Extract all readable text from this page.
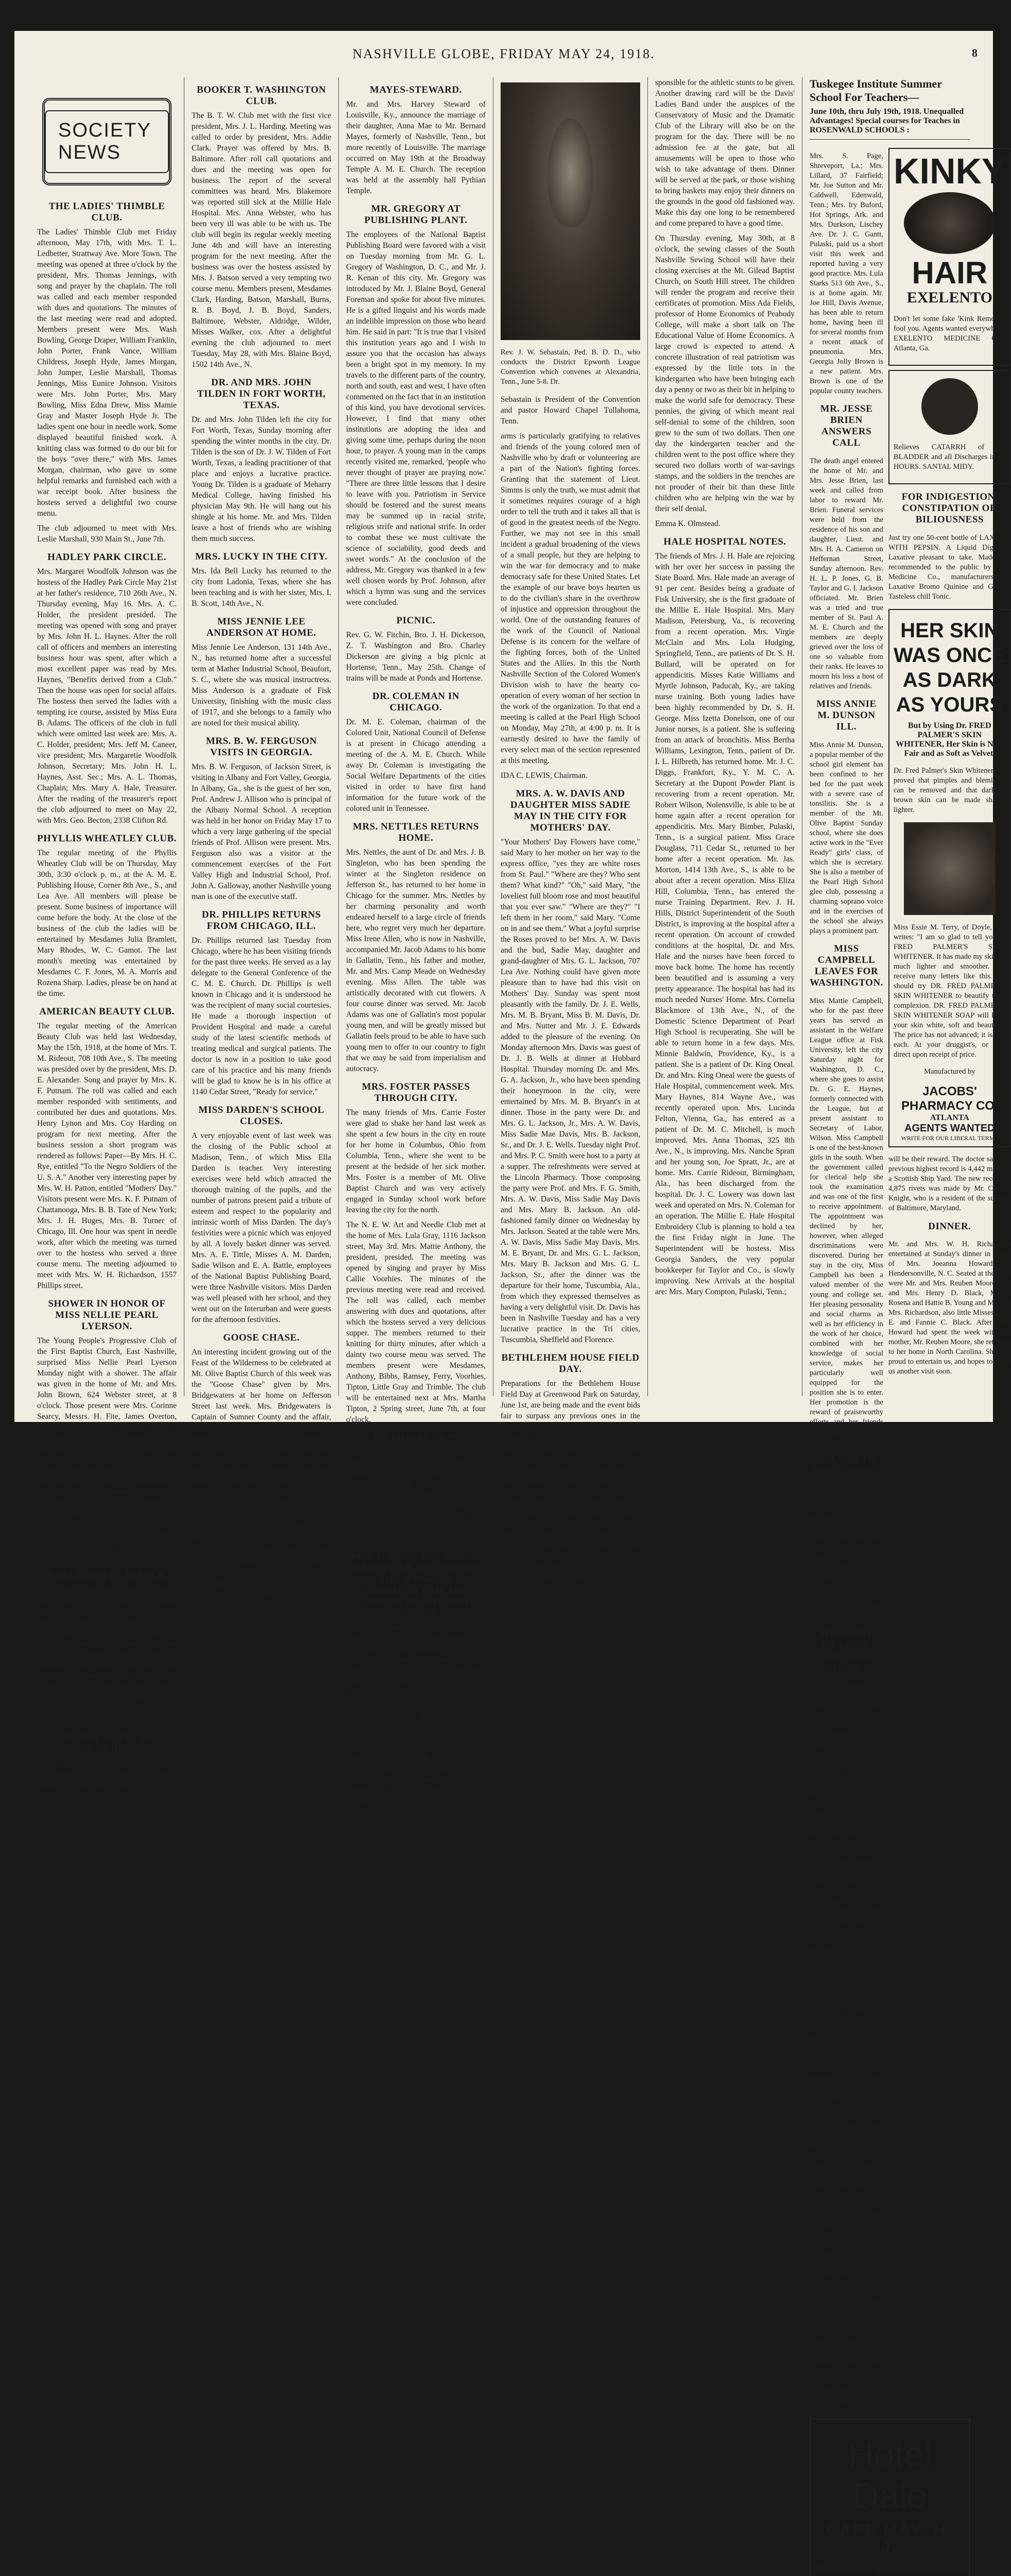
NASHVILLE GLOBE, FRIDAY MAY 24, 1918.	8
SOCIETY NEWS
THE LADIES' THIMBLE CLUB.

The Ladies' Thimble Club met Friday afternoon, May 17th, with Mrs. T. L. Ledbetter, Strattway Ave. More Town. The meeting was opened at three o'clock by the president, Mrs. Thomas Jennings, with song and prayer by the chaplain. The roll was called and each member responded with dues and quotations. The minutes of the last meeting were read and adopted. Members present were Mrs. Wash Bowling, George Draper, William Franklin, John Porter, Frank Vance, William Childress, Joseph Hyde, James Morgan, John Jumper, Leslie Marshall, Thomas Jennings, Miss Eunice Johnson. Visitors were Mrs. John Porter, Mrs. Mary Bowling, Miss Edna Drew, Miss Mamie Gray and Master Joseph Hyde Jr. The ladies spent one hour in needle work. Some displayed beautiful finished work. A knitting class was formed to do our bit for the boys "over there," with Mrs. James Morgan, chairman, who gave us some helpful remarks and furnished each with a war receipt book. After business the hostess served a delightful two course menu.

The club adjourned to meet with Mrs. Leslie Marshall, 930 Main St., June 7th.

HADLEY PARK CIRCLE.

Mrs. Margaret Woodfolk Johnson was the hostess of the Hadley Park Circle May 21st at her father's residence, 710 26th Ave., N. Thursday evening, May 16. Mrs. A. C. Holder, the president presided. The meeting was opened with song and prayer by Mrs. John H. L. Haynes. After the roll call of officers and members an interesting business hour was spent, after which a most excellent paper was read by Mrs. Haynes, "Benefits derived from a Club." Then the house was open for social affairs. The hostess then served the ladies with a tempting ice course, assisted by Miss Eura B. Adams. The officers of the club in full which were omitted last week are: Mrs. A. C. Holder, president; Mrs. Jeff M. Caneer, vice president; Mrs. Margaretie Woodfolk Johnson, Secretary; Mrs. John H. L. Haynes, Asst. Sec.; Mrs. A. L. Thomas, Chaplain; Mrs. Mary A. Hale, Treasurer. After the reading of the treasurer's report the club adjourned to meet on May 22, with Mrs. Geo. Becton, 2338 Clifton Rd.

PHYLLIS WHEATLEY CLUB.

The regular meeting of the Phyllis Wheatley Club will be on Thursday, May 30th, 3:30 o'clock p. m., at the A. M. E. Publishing House, Corner 8th Ave., S., and Lea Ave. All members will please be present. Some business of importance will come before the body. At the close of the business of the club the ladies will be entertained by Mesdames Julia Bramlett, Mary Rhodes, W. C. Gamot. The last month's meeting was entertained by Mesdames C. F. Jones, M. A. Morris and Rozena Sharp. Ladies, please be on hand at the time.

AMERICAN BEAUTY CLUB.

The regular meeting of the American Beauty Club was held last Wednesday, May the 15th, 1918, at the home of Mrs. T. M. Rideout, 708 10th Ave., S. The meeting was presided over by the president, Mrs. D. E. Alexander. Song and prayer by Mrs. K. F. Putnam. The roll was called and each member responded with sentiments, and contributed her dues and quotations. Mrs. Henry Lynon and Mrs. Coy Harding on program for next meeting. After the business session a short program was rendered as follows: Paper—By Mrs. H. C. Rye, entitled "To the Negro Soldiers of the U. S. A." Another very interesting paper by Mrs. W. H. Patton, entitled "Mothers' Day." Visitors present were Mrs. K. F. Putnam of Chattanooga, Mrs. B. B. Tate of New York; Mrs. J. H. Huges, Mrs. B. Turner of Chicago, Ill. One hour was spent in needle work, after which the meeting was turned over to the hostess who served a three course menu. The meeting adjourned to meet with Mrs. W. H. Richardson, 1557 Phillips street.

SHOWER IN HONOR OF MISS NELLIE PEARL LYERSON.

The Young People's Progressive Club of the First Baptist Church, East Nashville, surprised Miss Nellie Pearl Lyerson Monday night with a shower. The affair was given in the home of Mr. and Mrs. John Brown, 624 Webster street, at 8 o'clock. Those present were Mrs. Corinne Searcy, Messrs. H. Fite, James Overton, Nathaniel Blake, John Burrough, Prof. E. L. Elnser, Dr. I. C. Wilkerson and the president, Miss S. G. Lyerson. They left the home of Mrs. Brown and entered Miss Lyerson's prepared the following program: Reading—Dr. Wilkerson. Instrumental Solo—Mrs. Robert Johnson. Reading—Mrs. Mary Lyerson Ewing of Indianapolis. Vocal Solo—Miss S. G. Lyerson. Presentation from the Club—Mrs. Corinne Searcy. This was quite a surprise for Miss Lyerson. She is to leave Thursday night for Detroit.

A DELIGHTFUL DINNER.

A delightful dinner was served Monday at the residence of Mr. and Mrs. Samuel Jones, 1907 Cartwright Street, in honor of Rev. G. I. Jackson of Dallas, Texas. The dining room was artistically decorated with roses and carnations. During the dinner music was rendered on the Victrola. The following were seated at the table. The honored guest, Rev. Jackson, Mr. and Mrs. William Jones and Mr. and Mrs. Samuel Jones, Rev. Jackson left for Dallas, Texas, Monday night accompanied by Mr. Samuel Jones.

BISHOP SCOTT IN FLORIDA.

Bishop I. B. Scott has gone to Tallahassee, Fla., where he preaches the baccalaureate sermon Sunday, May 26th, for the State College of Florida.

BOOKER T. WASHINGTON CLUB.

The B. T. W. Club met with the first vice president, Mrs. J. L. Harding. Meeting was called to order by president, Mrs. Addie Clark. Prayer was offered by Mrs. B. Baltimore. After roll call quotations and dues and the meeting was open for business. The report of the several committees was heard. Mrs. Blakemore was reported still sick at the Millie Hale Hospital. Mrs. Anna Webster, who has been very ill was able to be with us. The club will begin its regular weekly meeting June 4th and will have an interesting program for the next meeting. After the business was over the hostess assisted by Mrs. J. Batson served a very tempting two course menu. Members present, Mesdames Clark, Harding, Batson, Marshall, Burns, R. B. Boyd, J. B. Boyd, Sanders, Baltimore, Webster, Aldridge, Wilder, Misses Walker, cox. After a delightful evening the club adjourned to meet Tuesday, May 28, with Mrs. Blaine Boyd, 1502 14th Ave., N.

DR. AND MRS. JOHN TILDEN IN FORT WORTH, TEXAS.

Dr. and Mrs. John Tilden left the city for Fort Worth, Texas, Sunday morning after spending the winter months in the city. Dr. Tilden is the son of Dr. J. W. Tilden of Fort Worth, Texas, a leading practitioner of that place and enjoys a lucrative practice. Young Dr. Tilden is a graduate of Meharry Medical College, having finished his physician May 9th. He will hang out his shingle at his home. Mr. and Mrs. Tilden leave a host of friends who are wishing them much success.

MRS. LUCKY IN THE CITY.

Mrs. Ida Bell Lucky has returned to the city from Ladonia, Texas, where she has been teaching and is with her sister, Mrs. I. B. Scott, 14th Ave., N.

MISS JENNIE LEE ANDERSON AT HOME.

Miss Jennie Lee Anderson, 131 14th Ave., N., has returned home after a successful term at Mather Industrial School, Beaufort, S. C., where she was musical instructress. Miss Anderson is a graduate of Fisk University, finishing with the music class of 1917, and she belongs to a family who are noted for their musical ability.

MRS. B. W. FERGUSON VISITS IN GEORGIA.

Mrs. B. W. Ferguson, of Jackson Street, is visiting in Albany and Fort Valley, Georgia. In Albany, Ga., she is the guest of her son, Prof. Andrew J. Allison who is principal of the Albany Normal School. A reception was held in her honor on Friday May 17 to which a very large gathering of the special friends of Prof. Allison were present. Mrs. Ferguson also was a visitor at the commencement exercises of the Fort Valley High and Industrial School, Prof. John A. Galloway, another Nashville young man is one of the executive staff.

DR. PHILLIPS RETURNS FROM CHICAGO, ILL.

Dr. Phillips returned last Tuesday from Chicago, where he has been visiting friends for the past three weeks. He served as a lay delegate to the General Conference of the C. M. E. Church. Dr. Phillips is well known in Chicago and it is understood he was the recipient of many social courtesies. He made a thorough inspection of Provident Hospital and made a careful study of the latest scientific methods of treating medical and surgical patients. The doctor is now in a position to take good care of his practice and his many friends will be glad to know he is in his office at 1140 Cedar Street, "Ready for service."

MISS DARDEN'S SCHOOL CLOSES.

A very enjoyable event of last week was the closing of the Public school at Madison, Tenn., of which Miss Ella Darden is teacher. Very interesting exercises were held which attracted the thorough training of the pupils, and the number of patrons present paid a tribute of esteem and respect to the popularity and intrinsic worth of Miss Darden. The day's festivities were a picnic which was enjoyed by all. A lovely basket dinner was served. Mrs. A. E. Tittle, Misses A. M. Darden, Sadie Wilson and E. A. Battle, employees of the National Baptist Publishing Board, were three Nashville visitors. Miss Darden was well pleased with her school, and they went out on the Interurban and were guests for the afternoon festivities.

GOOSE CHASE.

An interesting incident growing out of the Feast of the Wilderness to be celebrated at Mt. Olive Baptist Church of this week was the "Goose Chase" given by Mrs. Bridgewaters at her home on Jefferson Street last week. Mrs. Bridgewaters is Captain of Sumner County and the affair, which was a financial success was for the benefit of that club. The principal event of the evening was "The Goose Chase" and consisted of a hunt for the goose, which Mrs. Bridgewaters had prepared and when found was a baked turkey. Mr. Felix Lytton found the goose. A handsome box of home-made candy was won by Miss N. E. King and an elaborately decorated cake was won by Mrs. L. King. Delicious sandwiches, fruit and punch were served.

AGENTS—THE COLORED MAN IS NO SLACKER. A beautiful patriotic picture in colors—a picture of every member of the race. Agents are selling thousands. Sample 25c. Agents write for terms.

MAYES-STEWARD.

Mr. and Mrs. Harvey Steward of Louisville, Ky., announce the marriage of their daughter, Anna Mae to Mr. Bernard Mayes, formerly of Nashville, Tenn., but more recently of Louisville. The marriage occurred on May 19th at the Broadway Temple A. M. E. Church. The reception was held at the assembly hall Pythian Temple.

MR. GREGORY AT PUBLISHING PLANT.

The employees of the National Baptist Publishing Board were favored with a visit on Tuesday morning from Mr. G. L. Gregory of Washington, D. C., and Mr. J. R. Kenan of this city. Mr. Gregory was introduced by Mr. J. Blaine Boyd, General Foreman and spoke for about five minutes. He is a gifted linguist and his words made an indelible impression on those who heard him. He said in part: "It is true that I visited this institution years ago and I wish to assure you that the occasion has always been a bright spot in my memory. In my travels to the different parts of the country, north and south, east and west, I have often commented on the fact that in an institution of this kind, you have devotional services. However, I find that many other institutions are adopting the idea and giving some time, perhaps during the noon hour, to prayer. A young man in the camps recently visited me, remarked, 'people who never thought of prayer are praying now.' "There are three little lessons that I desire to leave with you. Patriotism in Service should be fostered and the surest means may be summed up in racial strife, religious strife and national strife. In order to combat these we must cultivate the science of sociability, good deeds and sweet words." At the conclusion of the address, Mr. Gregory was thanked in a few well chosen words by Prof. Johnson, after which a hymn was sung and the services were concluded.

PICNIC.

Rev. G. W. Fitchin, Bro. J. H. Dickerson, Z. T. Washington and Bro. Charley Dickerson are giving a big picnic at Hortense, Tenn., May 25th. Change of trains will be made at Ponds and Hortense.

DR. COLEMAN IN CHICAGO.

Dr. M. E. Coleman, chairman of the Colored Unit, National Council of Defense is at present in Chicago attending a meeting of the A. M. E. Church. While away Dr. Coleman is investigating the Social Welfare Departments of the cities visited in order to have first hand information for the future work of the colored unit in Tennessee.

MRS. NETTLES RETURNS HOME.

Mrs. Nettles, the aunt of Dr. and Mrs. J. B. Singleton, who has been spending the winter at the Singleton residence on Jefferson St., has returned to her home in Chicago for the summer. Mrs. Nettles by her charming personality and worth endeared herself to a large circle of friends here, who regret very much her departure. Miss Irene Allen, who is now in Nashville, accompanied Mr. Jacob Adams to his home in Gallatin, Tenn., his father and mother, Mr. and Mrs. Camp Meade on Wednesday evening. Miss Allen. The table was artistically decorated with cut flowers. A four course dinner was served. Mr. Jacob Adams was one of Gallatin's most popular young men, and will be greatly missed but Gallatin feels proud to be able to have such young men to offer to our country to fight that we may be said from imperialism and autocracy.

MRS. FOSTER PASSES THROUGH CITY.

The many friends of Mrs. Carrie Foster were glad to shake her hand last week as she spent a few hours in the city en route for her home in Columbus, Ohio from Columbia, Tenn., where she went to be present at the bedside of her sick mother. Mrs. Foster is a member of Mt. Olive Baptist Church and was very actively engaged in Sunday school work before leaving the city for the north.

The N. E. W. Art and Needle Club met at the home of Mrs. Lula Gray, 1116 Jackson street, May 3rd. Mrs. Mattie Anthony, the president, presided. The meeting was opened by singing and prayer by Miss Callie Voorhies. The minutes of the previous meeting were read and received. The roll was called, each member answering with dues and quotations, after which the hostess served a very delicious supper. The members returned to their knitting for thirty minutes, after which a dainty two course menu was served. The members present were Mesdames, Anthony, Bibbs, Ramsey, Ferry, Voorhies, Tipton, Little Gray and Trimble. The club will be entertained next at Mrs. Martha Tipton, 2 Spring street, June 7th, at four o'clock.

ON BRIDAL TRIP.

Mr. and Mrs. Henry Caldwell of New Orleans, La., passed through Nashville Thursday of this week on route to St. Louis and Cleveland. Mr. and Mrs. Caldwell were only recently married and are on their bridal trip. While here they were the guests of Dr. J. R. Holman. Mrs. Caldwell was formerly Miss Ruth Wilson; one of New Orleans' splendid young women.

MEETING OF THE NORTH NASHVILLE SECTION OF THE WOMEN'S COMMITTEE OF THE COUNCIL OF NATIONAL DEFENSE.

According to Wednesday's Tennessean and American, Lieut. Cecil Sims speaking at the Rotary Club luncheon on Tuesday said, "Never worry about the Negro officer. They are proud of their people. They hold their places as well as the whites." Reports from Camp Pike in the line with reports from all over the country and from France, but coming as they did from a former Nashville man, through working side by side with the Negro officers at the Fort Sill Artillery school, it bears a special significance to the people of this city. The best of these Negro officers being Nashville boys, the Committee of Negro women feel as if they were owing it to themselves to testify to the fitness of his Negro comrade in

Rev. J. W. Sebastain, Ped. B. D. D., who conducts the District Epworth League Convention which convenes at Alexandria, Tenn., June 5-8. Dr.

Sebastain is President of the Convention and pastor Howard Chapel Tullahoma, Tenn.

arms is particularly gratifying to relatives and friends of the young colored men of Nashville who by draft or volunteering are a part of the Nation's fighting forces. Granting that the statement of Lieut. Simms is only the truth, we must admit that it sometimes requires courage of a high order to tell the truth and it takes all that is of good in the greatest needs of the Negro. Further, we may not see in this small incident a gradual broadening of the views of a small people, but they are helping to win the war for democracy and to make democracy safe for these United States. Let the example of our brave boys hearten us to do the civilian's share in the overthrow of injustice and oppression throughout the world. One of the outstanding features of the work of the Council of National Defense is its concern for the welfare of the fighting forces, both of the United States and the Allies. In this the North Nashville Section of the Colored Women's Division wish to have the hearty co-operation of every woman of her section in the work of the organization. To that end a meeting is called at the Pearl High School on Monday, May 27th, at 4:00 p. m. It is earnestly desired to have the family of every select man of the section represented at this meeting.

IDA C. LEWIS, Chairman.

MRS. A. W. DAVIS AND DAUGHTER MISS SADIE MAY IN THE CITY FOR MOTHERS' DAY.

"Your Mothers' Day Flowers have come," said Mary to her mother on her way to the express office, "yes they are white roses from St. Paul." "Where are they? Who sent them? What kind?" "Oh," said Mary, "the loveliest full bloom rose and most beautiful that you ever saw." "Where are they?" "I left them in her room," said Mary. "Come on in and see them." What a joyful surprise the Roses proved to be! Mrs. A. W. Davis and the bud, Sadie May, daughter and grand-daughter of Mrs. G. L. Jackson, 707 Lea Ave. Nothing could have given more pleasure than to have had this visit on Mothers' Day. Sunday was spent most pleasantly with the family. Dr. J. E. Wells, Mrs. M. B. Bryant, Miss B. M. Davis, Dr. and Mrs. Nutter and Mr. J. E. Edwards added to the pleasure of the evening. On Monday afternoon Mrs. Davis was guest of Dr. J. B. Wells at dinner at Hubbard Hospital. Thursday morning Dr. and Mrs. G. A. Jackson, Jr., who have been spending their honeymoon in the city, were entertained by Mrs. M. B. Bryant's in at dinner. Those in the party were Dr. and Mrs. G. L. Jackson, Jr., Mrs. A. W. Davis, Miss Sadie Mae Davis, Mrs. B. Jackson, Sr., and Dr. J. E. Wells. Tuesday night Prof. and Mrs. P. C. Smith were host to a party at a supper. The refreshments were served at the Lincoln Pharmacy. Those composing the party were Prof. and Mrs. F. G. Smith, Mrs. A. W. Davis, Miss Sadie May Davis and Mrs. Mary B. Jackson. An old-fashioned family dinner on Wednesday by Mrs. Jackson. Seated at the table were Mrs. A. W. Davis, Miss Sadie May Davis, Mrs. M. E. Bryant, Dr. and Mrs. G. L. Jackson, Mrs. Mary B. Jackson and Mrs. G. L. Jackson, Sr., after the dinner was the departure for their home, Tuscumbia, Ala., from which they expressed themselves as having a very delightful visit. Dr. Davis has been in Nashville Tuesday and has a very lucrative practice in the Tri cities, Tuscumbia, Sheffield and Florence.

BETHLEHEM HOUSE FIELD DAY.

Preparations for the Bethlehem House Field Day at Greenwood Park on Saturday, June 1st, are being made and the event bids fair to surpass any previous ones in the history of the Bethlehem House. The scheme of the day is to be given by Mr. A. Mrs. F. G. Smith, and two boys of the Sallie Hill Sawyer Memorial Fund toward which fund proceeds of the day will go. The Bethlehem House has charge of the day's arrangements: Mrs. C. A. Dabbs, chairman; Mrs. C. Callie Voorhies, Mrs. C. L. Dickerson; Miss Julia Williams, chairman, and the following assistants: Mrs. F. G. Smith, Mrs. Lawrence Lewis, Mrs. F. G. Smith, Mrs. A. N. Johnson and Miss M. L. Hadley. This fine bit of co-operation between the Pearl High School who have planned for the day at the park, and the community that

sponsible for the athletic stunts to be given. Another drawing card will be the Davis' Ladies Band under the auspices of the Conservatory of Music and the Dramatic Club of the Library will also be on the program for the day. There will be no admission fee at the gate, but all amusements will be open to those who wish to take advantage of them. Dinner will be served at the park, or those wishing to bring baskets may enjoy their dinners on the grounds in the good old fashioned way. Make this day one long to be remembered and come prepared to have a good time.

On Thursday evening, May 30th, at 8 o'clock, the sewing classes of the South Nashville Sewing School will have their closing exercises at the Mt. Gilead Baptist Church, on South Hill street. The children will render the program and receive their certificates of promotion. Miss Ada Fields, professor of Home Economics of Peabody College, will make a short talk on The Educational Value of Home Economics. A large crowd is expected to attend. A concrete illustration of real patriotism was expressed by the little tots in the kindergarten who have been bringing each day a penny or two as their bit in helping to make the world safe for democracy. These pennies, the giving of which meant real self-denial to some of the children, soon grew to the sum of two dollars. Then one day the kindergarten teacher and the children went to the post office where they secured two dollars worth of war-savings stamps, and the soldiers in the trenches are not prouder of their bit than these little children who are helping win the war by their self denial.

Emma K. Olmstead.

HALE HOSPITAL NOTES.

The friends of Mrs. J. H. Hale are rejoicing with her over her success in passing the State Board. Mrs. Hale made an average of 91 per cent. Besides being a graduate of Fisk University, she is the first graduate of the Millie E. Hale Hospital. Mrs. Mary Madison, Petersburg, Va., is recovering from a recent operation. Mrs. Virgie McClain and Mrs. Lola Hudging, Springfield, Tenn., are patients of Dr. S. H. Bullard, will be operated on for appendicitis. Misses Katie Williams and Myrtle Johnson, Paducah, Ky., are taking nurse training. Both young ladies have been highly recommended by Dr. S. H. George. Miss Izetta Donelson, one of our Junior nurses, is a patient. She is suffering from an attack of bronchitis. Miss Bertha Williams, Lexington, Tenn., patient of Dr. I. L. Hilbreth, has returned home. Mr. J. C. Diggs, Frankfort, Ky., Y. M. C. A. Secretary at the Dupont Powder Plant is recovering from a recent operation. Mr. Robert Wilson, Nolensville, is able to be at home again after a recent operation for appendicitis. Mrs. Mary Bimber, Pulaski, Tenn., is a surgical patient. Miss Grace Douglass, 711 Cedar St., returned to her home after a recent operation. Mr. Jas. Morton, 1414 13th Ave., S., is able to be about after a recent operation. Miss Eliza Hill, Columbia, Tenn., has entered the nurse Training Department. Rev. J. H. Hills, District Superintendent of the South District, is improving at the hospital after a recent operation. On account of crowded conditions at the hospital, Dr. and Mrs. Hale and the nurses have been forced to move back home. The home has recently been beautified and is assuming a very pretty appearance. The hospital has had its much needed Nurses' Home. Mrs. Cornelia Blackmore of 13th Ave., N., of the Domestic Science Department of Pearl High School is recuperating. She will be able to return home in a few days. Mrs. Minnie Baldwin, Providence, Ky., is a patient. She is a patient of Dr. King Oneal. Dr. and Mrs. King Oneal were the guests of Hale Hospital, commencement week. Mrs. Mary Haynes, 814 Wayne Ave., was recently operated upon. Mrs. Lucinda Felton, Vienna, Ga., has entered as a patient of Dr. M. C. Mitchell, is much improved. Mrs. Anna Thomas, 325 8th Ave., N., is improving. Mrs. Nanche Spratt and her young son, Joe Spratt, Jr., are at home. Mrs. Carrie Rideout, Birmingham, Ala., has been discharged from the hospital. Dr. J. C. Lowery was down last week and operated on Mrs. N. Coleman for an operation. The Millie E. Hale Hospital Embroidery Club is planning to hold a tea the first Friday night in June. The Superintendent will be hostess. Miss Georgia Sanders, the very popular bookkeeper for Taylor and Co., is slowly improving. New Arrivals at the hospital are: Mrs. Mary Compton, Pulaski, Tenn.;

Tuskegee Institute Summer School For Teachers—
June 10th, thru July 19th, 1918. Unequalled Advantages! Special courses for Teaches in ROSENWALD SCHOOLS :

Mrs. S. Page, Shreveport, La.; Mrs. Lillard, 37 Fairfield; Mr. Joe Sutton and Mr. Caldwell, Edenwald, Tenn.; Mrs. Iry Buford, Hot Springs, Ark. and Mrs. Durkson, Lischey Ave. Dr. J. C. Gantt, Pulaski, paid us a short visit this week and reported having a very good practice. Mrs. Lula Starks 513 6th Ave., S., is at home again. Mr. Joe Hill, Davis Avenue, has been able to return home, having been ill for several months from a recent attack of pneumonia. Mrs. Georgia Jolly Brown is a new patient. Mrs. Brown is one of the popular county teachers.

MR. JESSE BRIEN ANSWERS CALL

The death angel entered the home of Mr. and Mrs. Jesse Brien, last week and called from labor to reward Mr. Brien. Funeral services were held from the residence of his son and daughter, Lieut. and Mrs. H. A. Cameron on Heffernan Street, Sunday afternoon. Rev. H. L. P. Jones, G. B. Taylor and G. I. Jackson officiated. Mr. Brien was a tried and true member of St. Paul A. M. E. Church and the members are deeply grieved over the loss of one so valuable from their ranks. He leaves to mourn his loss a host of relatives and friends.

MISS ANNIE M. DUNSON ILL.

Miss Annie M. Dunson, a popular member of the school girl element has been confined to her bed for the past week with a severe case of tonsilitis. She is a member of the Mt. Olive Baptist Sunday school, where she does active work in the "Ever Ready" girls' class, of which she is secretary. She is also a member of the Pearl High School glee club, possessing a charming soprano voice and in the exercises of the school she always plays a prominent part.

MISS CAMPBELL LEAVES FOR WASHINGTON.

Miss Mattie Campbell, who for the past three years has served as assistant in the Welfare League office at Fisk University, left the city Saturday night for Washington, D. C., where she goes to assist Dr. G. E. Haynes, formerly connected with the League, but at present assistant to Secretary of Labor, Wilson. Miss Campbell is one of the best-known girls in the south. When the government called for clerical help she took the examination and was one of the first to receive appointment. The appointment was declined by her, however, when alleged discriminations were discovered. During her stay in the city, Miss Campbell has been a valued member of the young and college set. Her pleasing personality and social charms as well as her efficiency in the work of her choice, combined with her knowledge of social service, makes her particularly well equipped for the position she is to enter. Her promotion is the reward of praiseworthy efforts and her friends are congratulating her on her success.

CALLED TO THE COLORS.

Prof. Ira B. Scott, A. B., son of Bishop and Mrs. I. B. Scott of Nashville and professor of Science in the Prairie View State Normal and Industria College of Texas, has been called to the colors and reported at the training camp on the 25th inst. Prof. Scott is a graduate of the Ohio Wesleyan University, Delaware, Ohio.

MEHARRY MEDICAL COLLEGE NEWS.

Mr. P. L. Bryant, who has just completed the Junior year, writes from Omaha, Neb., that the school boys are busy and content with the Pullman Co. Dr. Henry Green, '16, who holds a commission as First Lieut., M. R. C., is with the Medical Division of the Fifth Section Colored Troops at the Camp C 519 Engineer Division at Fitzburg, Mass. He hopes to be called soon to active service. The first floor of the new Anderson Anatomical Building, is soon to be fitted up as a library and reading room for the Faculty and students. Students will be privileged to these privileges, and the support of alumni. Donation of books, especially of a Medical and Scientific character are requested. The Rock City Academy of Medicine and Surgery met in the Pathological Laboratories of the College Monday night. Dr. J. H. Holman, head of this department read a very interesting paper, that evoked a much animated discussion. Among the leading physicians in the city who have been selected to carry the "War" message to the colored people, is Dr. C. V. Roman of the Faculty, who is expected to speak at our principal points in the next fortnight. Dr. Roman is a member of the State Board of Health. Dr. Geo. E. Haynes, formerly of Fisk University, is now Director of Negro Economics, for the Government at Washington, D. C., writes a rather interesting letter. We are pleased to know that through his efforts his new building. He says that 9,800 Negro laborers are now employed in the yards at Sparrows Point, Md.; that a Negro shipyard worker has driven 4,875 three-quarter inch rivets in a nine hour day.

KINKY
HAIR
EXELENTO

Don't let some fake 'Kink Remover' fool you. Agents wanted everywhere. EXELENTO MEDICINE CO., Atlanta, Ga.

Relieves CATARRH of the BLADDER and all Discharges in 24 HOURS. SANTAL MIDY.

FOR INDIGESTION, CONSTIPATION OR BILIOUSNESS

Just try one 50-cent bottle of LAX-FOS WITH PEPSIN. A Liquid Digestive Laxative pleasant to take. Made and recommended to the public by Paris Medicine Co., manufacturers of Laxative Bromo Quinine and Grove's Tasteless chill Tonic.

HER SKIN WAS ONCE AS DARK AS YOURS

But by Using Dr. FRED PALMER'S SKIN WHITENER, Her Skin is Now Fair and as Soft as Velvet.

Dr. Fred Palmer's Skin Whitener has proved that pimples and blemishes can be removed and that dark or brown skin can be made shades lighter.

Miss Essie M. Terry, of Doyle, Ga. writes: "I am so glad to tell you of FRED PALMER'S SKIN WHITENER. It has made my skin so much lighter and smoother. We receive many letters like this. All should try DR. FRED PALMER'S SKIN WHITENER to beautify their complexion. DR. FRED PALMER'S SKIN WHITENER SOAP will keep your skin white, soft and beautiful. The price has not advanced; it is 25c each. At your druggist's, or sent direct upon receipt of price.

Manufactured by

JACOBS' PHARMACY CO.
ATLANTA
AGENTS WANTED
WRITE FOR OUR LIBERAL TERMS

will be their reward. The doctor says the previous highest record is 4,442 made in a Scottish Ship Yard. The new record of 4,875 rivets was made by Mr. Charles Knight, who is a resident of the suburbs of Baltimore, Maryland.

DINNER.

Mr. and Mrs. W. H. Richardson entertained at Sunday's dinner in honor of Mrs. Joeanna Howard of Hendersonville, N. C. Seated at the table were Mr. and Mrs. Reuben Moore, Mr. and Mrs. Henry D. Black, Misses Rosena and Hattie B. Young and Mr. and Mrs. Richardson, also little Misses Josie E. and Fannie C. Black. After Mrs. Howard had spent the week with her mother, Mr. Reuben Moore, she returned to her home in North Carolina. She was proud to entertain us, and hopes to make us another visit soon.

Hotel Dale
CAPE MAY, N. J.

This magnificent hotel, located in the heart
